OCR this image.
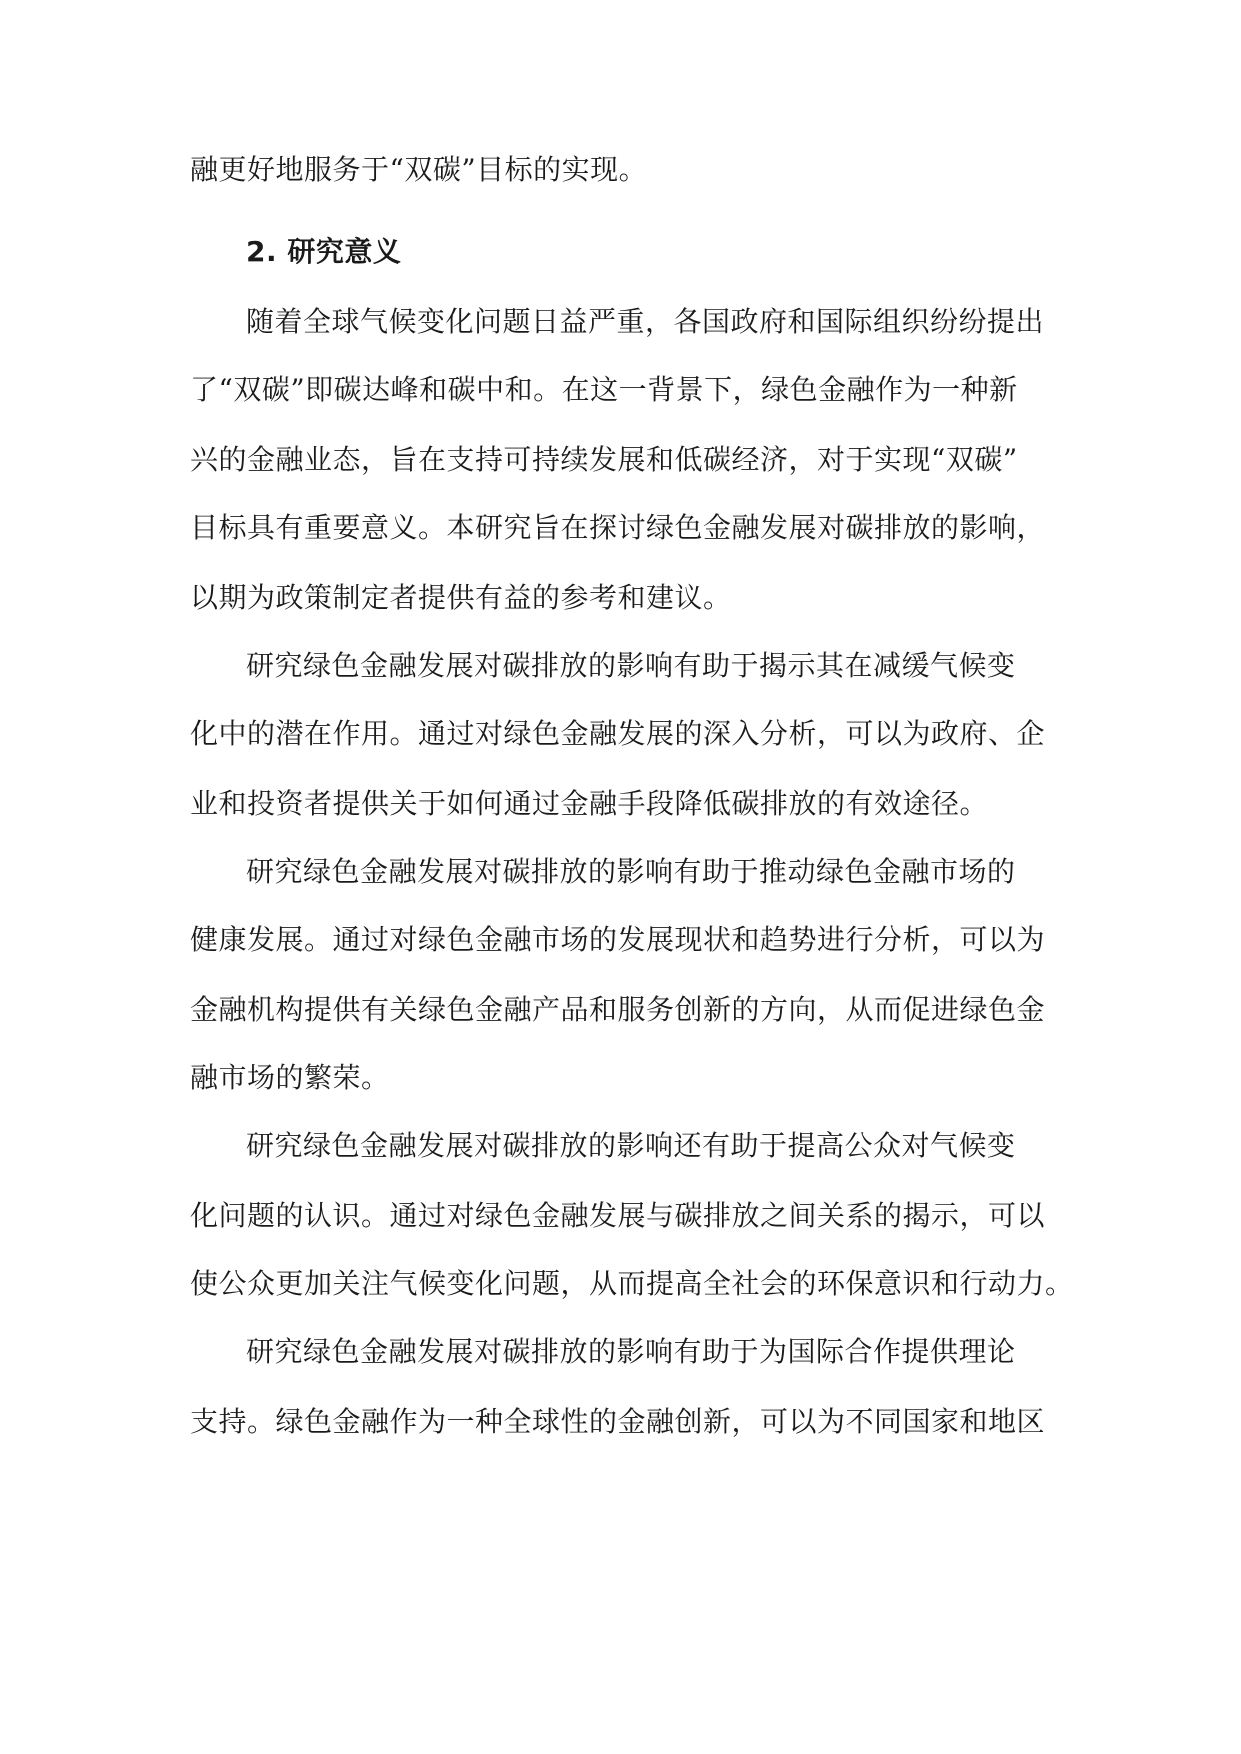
融更好地服务于“双碳”目标的实现。
2. 研究意义
随着全球气候变化问题日益严重，各国政府和国际组织纷纷提出
了“双碳”即碳达峰和碳中和。在这一背景下，绿色金融作为一种新
兴的金融业态，旨在支持可持续发展和低碳经济，对于实现“双碳”
目标具有重要意义。本研究旨在探讨绿色金融发展对碳排放的影响，
以期为政策制定者提供有益的参考和建议。
研究绿色金融发展对碳排放的影响有助于揭示其在减缓气候变
化中的潜在作用。通过对绿色金融发展的深入分析，可以为政府、企
业和投资者提供关于如何通过金融手段降低碳排放的有效途径。
研究绿色金融发展对碳排放的影响有助于推动绿色金融市场的
健康发展。通过对绿色金融市场的发展现状和趋势进行分析，可以为
金融机构提供有关绿色金融产品和服务创新的方向，从而促进绿色金
融市场的繁荣。
研究绿色金融发展对碳排放的影响还有助于提高公众对气候变
化问题的认识。通过对绿色金融发展与碳排放之间关系的揭示，可以
使公众更加关注气候变化问题，从而提高全社会的环保意识和行动力。
研究绿色金融发展对碳排放的影响有助于为国际合作提供理论
支持。绿色金融作为一种全球性的金融创新，可以为不同国家和地区
